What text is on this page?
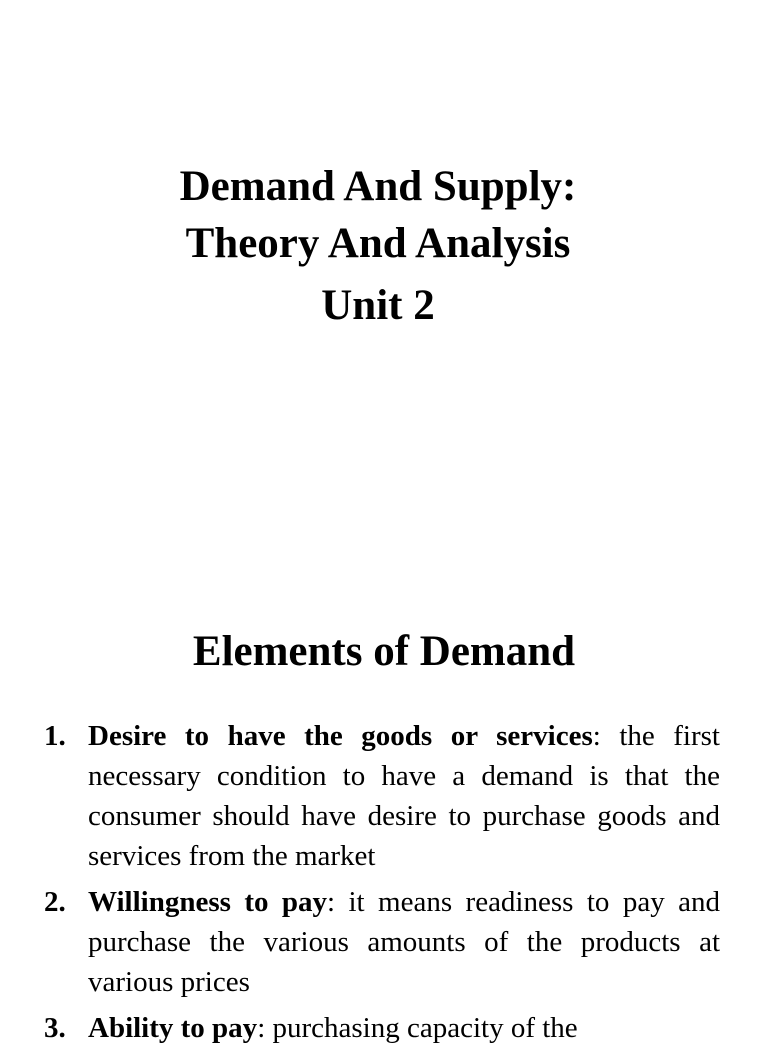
Demand And Supply:
Theory And Analysis
Unit 2
Elements of Demand
1. Desire to have the goods or services: the first necessary condition to have a demand is that the consumer should have desire to purchase goods and services from the market
2. Willingness to pay: it means readiness to pay and purchase the various amounts of the products at various prices
3. Ability to pay: purchasing capacity of the
